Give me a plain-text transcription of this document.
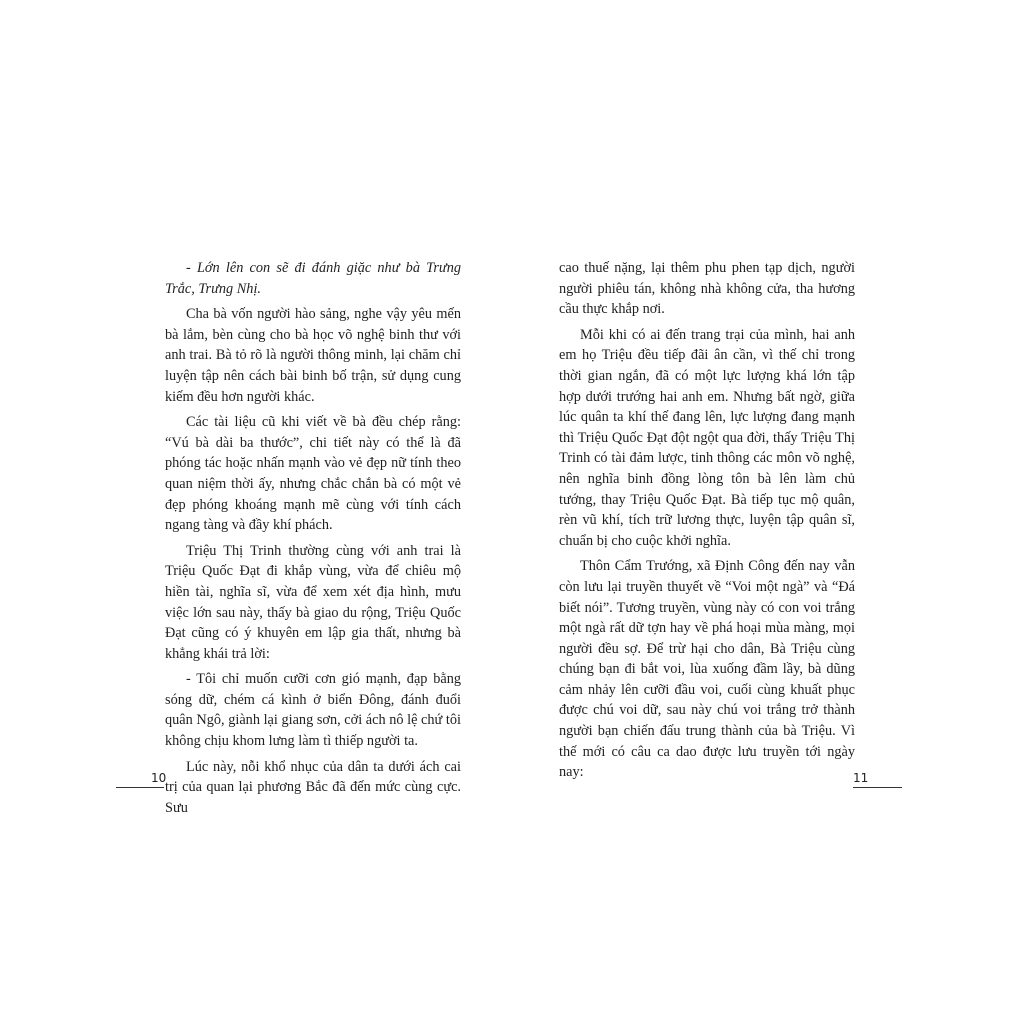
- Lớn lên con sẽ đi đánh giặc như bà Trưng Trắc, Trưng Nhị.

Cha bà vốn người hào sảng, nghe vậy yêu mến bà lắm, bèn cùng cho bà học võ nghệ binh thư với anh trai. Bà tỏ rõ là người thông minh, lại chăm chỉ luyện tập nên cách bài binh bố trận, sử dụng cung kiếm đều hơn người khác.

Các tài liệu cũ khi viết về bà đều chép rằng: “Vú bà dài ba thước”, chi tiết này có thể là đã phóng tác hoặc nhấn mạnh vào vẻ đẹp nữ tính theo quan niệm thời ấy, nhưng chắc chắn bà có một vẻ đẹp phóng khoáng mạnh mẽ cùng với tính cách ngang tàng và đầy khí phách.

Triệu Thị Trinh thường cùng với anh trai là Triệu Quốc Đạt đi khắp vùng, vừa để chiêu mộ hiền tài, nghĩa sĩ, vừa để xem xét địa hình, mưu việc lớn sau này, thấy bà giao du rộng, Triệu Quốc Đạt cũng có ý khuyên em lập gia thất, nhưng bà khẳng khái trả lời:

- Tôi chỉ muốn cưỡi cơn gió mạnh, đạp bằng sóng dữ, chém cá kình ở biển Đông, đánh đuổi quân Ngô, giành lại giang sơn, cởi ách nô lệ chứ tôi không chịu khom lưng làm tì thiếp người ta.

Lúc này, nỗi khổ nhục của dân ta dưới ách cai trị của quan lại phương Bắc đã đến mức cùng cực. Sưu

10

cao thuế nặng, lại thêm phu phen tạp dịch, người người phiêu tán, không nhà không cửa, tha hương cầu thực khắp nơi.

Mỗi khi có ai đến trang trại của mình, hai anh em họ Triệu đều tiếp đãi ân cần, vì thế chỉ trong thời gian ngắn, đã có một lực lượng khá lớn tập hợp dưới trướng hai anh em. Nhưng bất ngờ, giữa lúc quân ta khí thế đang lên, lực lượng đang mạnh thì Triệu Quốc Đạt đột ngột qua đời, thấy Triệu Thị Trinh có tài đảm lược, tinh thông các môn võ nghệ, nên nghĩa binh đồng lòng tôn bà lên làm chủ tướng, thay Triệu Quốc Đạt. Bà tiếp tục mộ quân, rèn vũ khí, tích trữ lương thực, luyện tập quân sĩ, chuẩn bị cho cuộc khởi nghĩa.

Thôn Cẩm Trướng, xã Định Công đến nay vẫn còn lưu lại truyền thuyết về “Voi một ngà” và “Đá biết nói”. Tương truyền, vùng này có con voi trắng một ngà rất dữ tợn hay về phá hoại mùa màng, mọi người đều sợ. Để trừ hại cho dân, Bà Triệu cùng chúng bạn đi bắt voi, lùa xuống đầm lầy, bà dũng cảm nhảy lên cưỡi đầu voi, cuối cùng khuất phục được chú voi dữ, sau này chú voi trắng trở thành người bạn chiến đấu trung thành của bà Triệu. Vì thế mới có câu ca dao được lưu truyền tới ngày nay:	11
